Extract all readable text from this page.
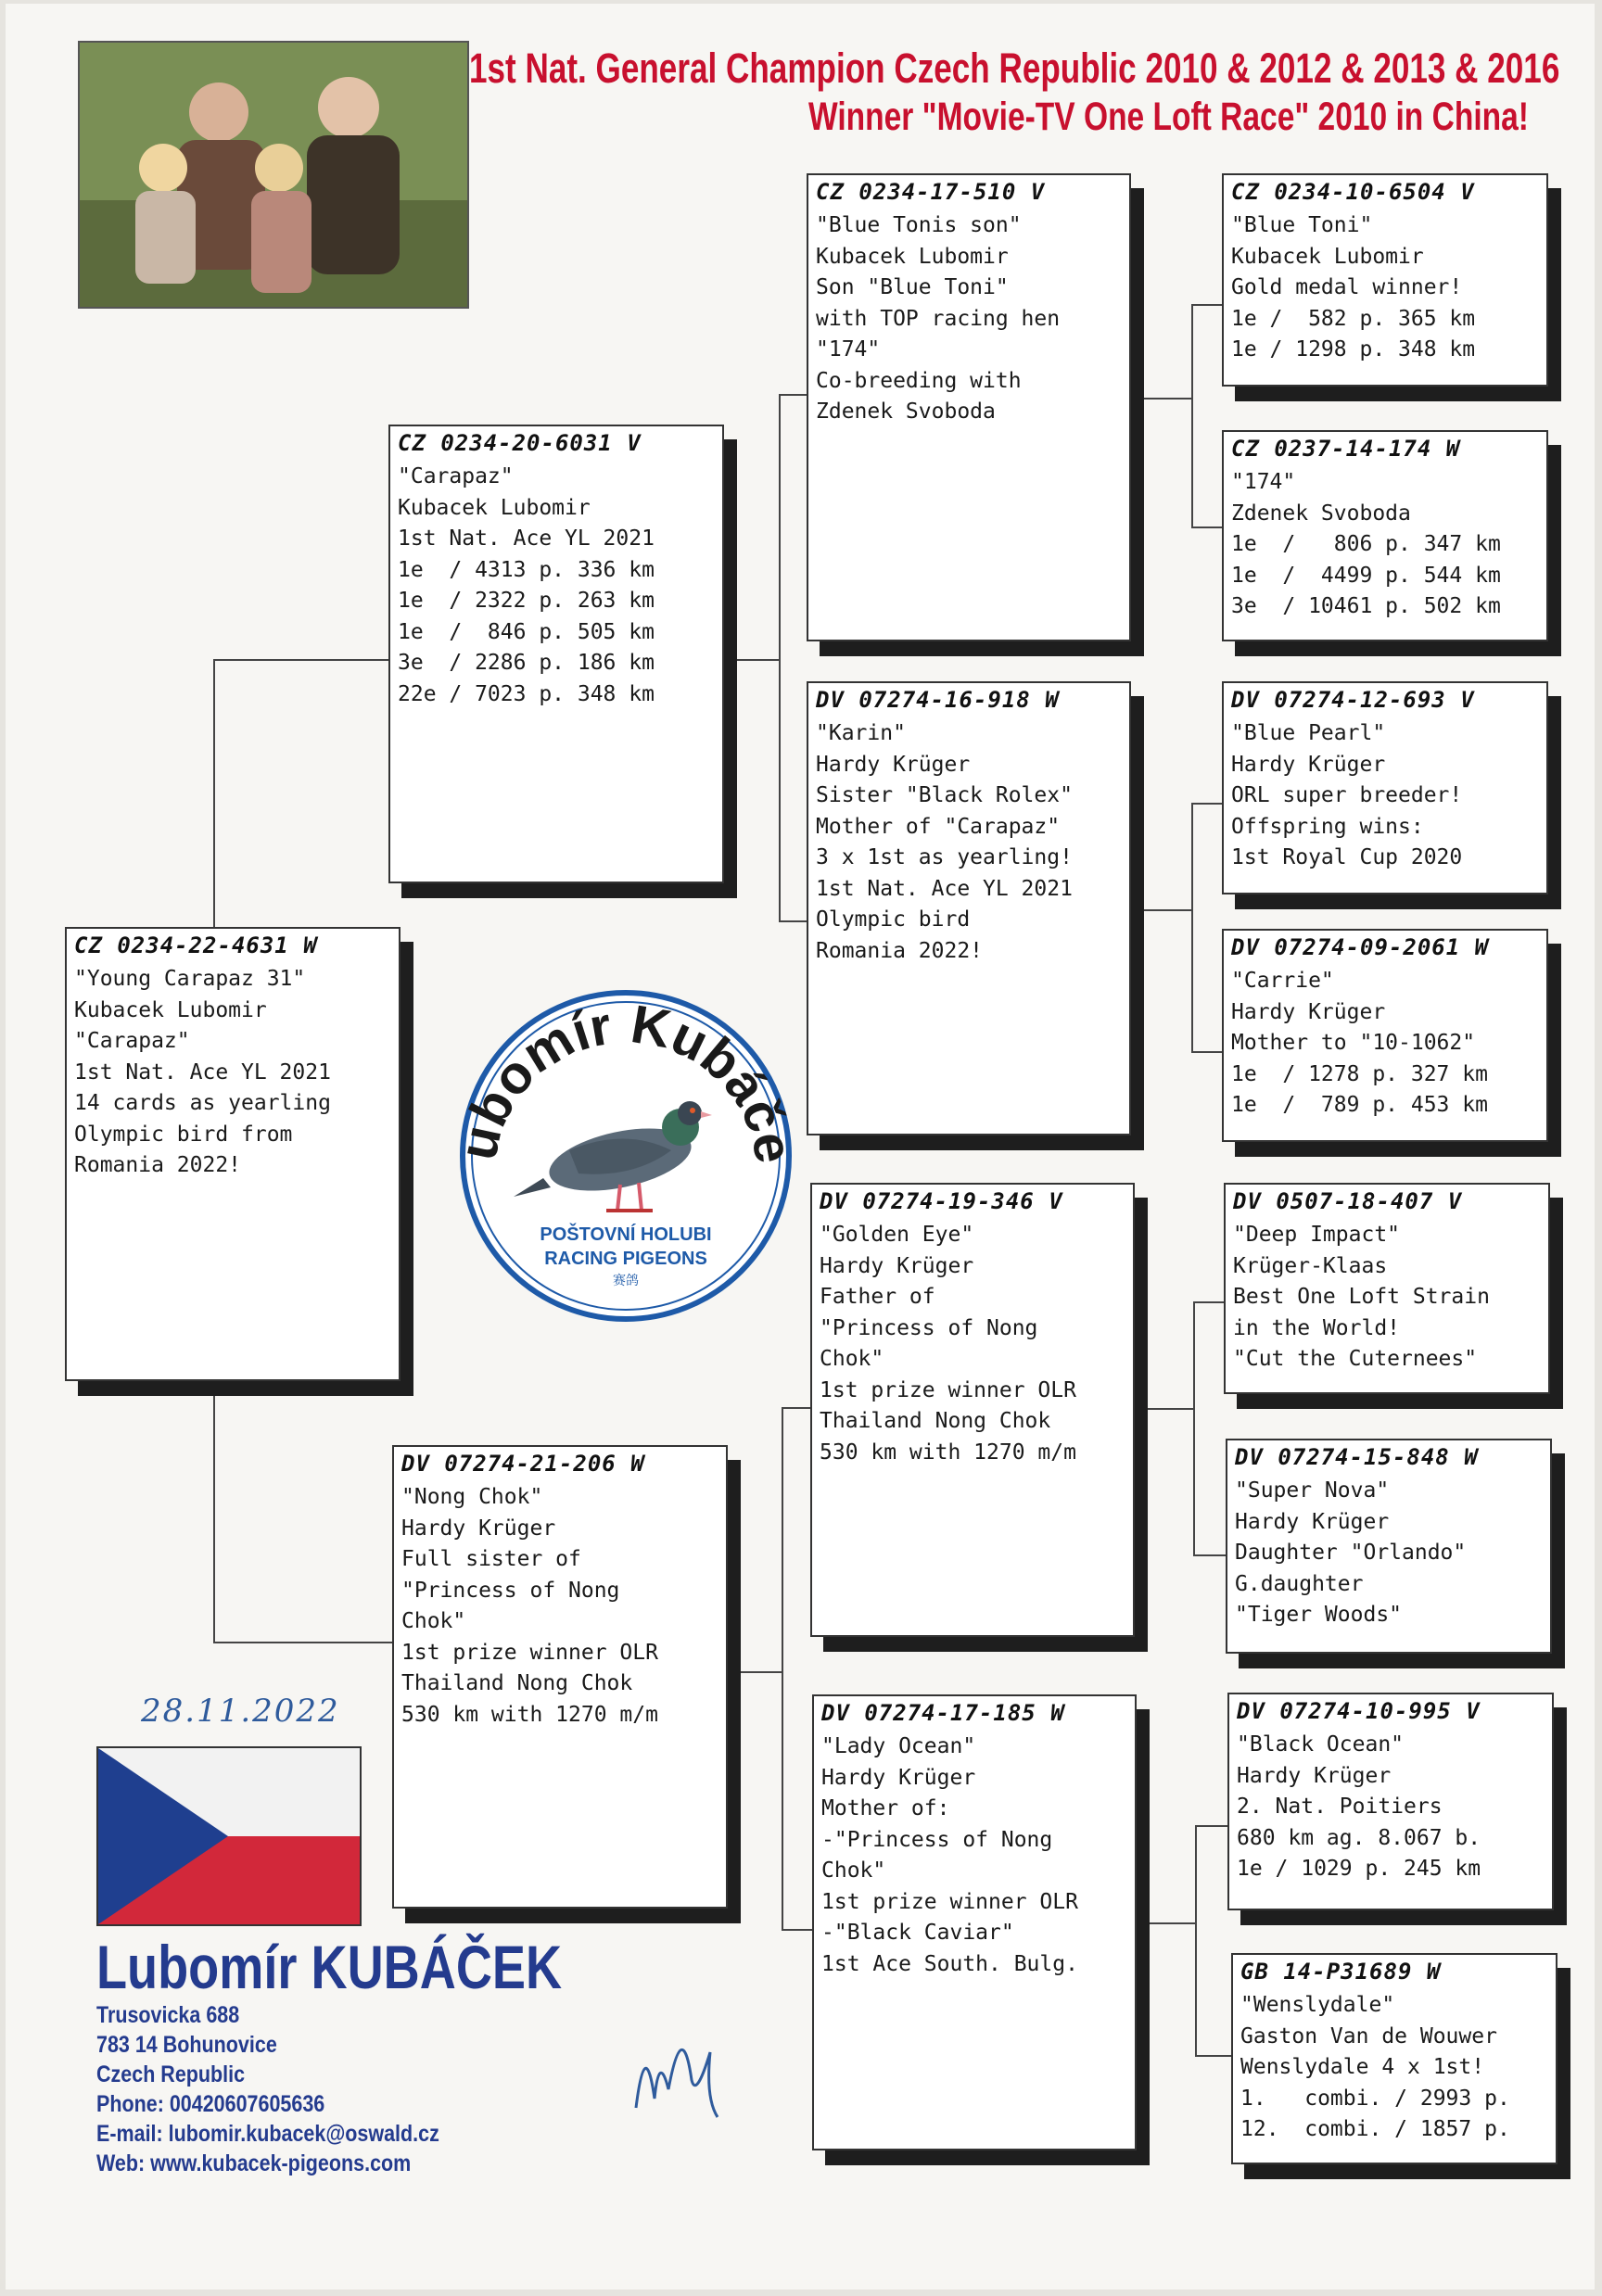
1st Nat. General Champion Czech Republic 2010 & 2012 & 2013 & 2016
Winner "Movie-TV One Loft Race" 2010 in China!
CZ 0234-22-4631 W
"Young Carapaz 31"
Kubacek Lubomir
"Carapaz"
1st Nat. Ace YL 2021
14 cards as yearling
Olympic bird from
Romania 2022!
CZ 0234-20-6031 V
"Carapaz"
Kubacek Lubomir
1st Nat. Ace YL 2021
1e  / 4313 p. 336 km
1e  / 2322 p. 263 km
1e  /  846 p. 505 km
3e  / 2286 p. 186 km
22e / 7023 p. 348 km
DV 07274-21-206 W
"Nong Chok"
Hardy Krüger
Full sister of
"Princess of Nong
Chok"
1st prize winner OLR
Thailand Nong Chok
530 km with 1270 m/m
CZ 0234-17-510 V
"Blue Tonis son"
Kubacek Lubomir
Son "Blue Toni"
with TOP racing hen
"174"
Co-breeding with
Zdenek Svoboda
DV 07274-16-918 W
"Karin"
Hardy Krüger
Sister "Black Rolex"
Mother of "Carapaz"
3 x 1st as yearling!
1st Nat. Ace YL 2021
Olympic bird
Romania 2022!
DV 07274-19-346 V
"Golden Eye"
Hardy Krüger
Father of
"Princess of Nong
Chok"
1st prize winner OLR
Thailand Nong Chok
530 km with 1270 m/m
DV 07274-17-185 W
"Lady Ocean"
Hardy Krüger
Mother of:
-"Princess of Nong
Chok"
1st prize winner OLR
-"Black Caviar"
1st Ace South. Bulg.
CZ 0234-10-6504 V
"Blue Toni"
Kubacek Lubomir
Gold medal winner!
1e /  582 p. 365 km
1e / 1298 p. 348 km
CZ 0237-14-174 W
"174"
Zdenek Svoboda
1e  /   806 p. 347 km
1e  /  4499 p. 544 km
3e  / 10461 p. 502 km
DV 07274-12-693 V
"Blue Pearl"
Hardy Krüger
ORL super breeder!
Offspring wins:
1st Royal Cup 2020
DV 07274-09-2061 W
"Carrie"
Hardy Krüger
Mother to "10-1062"
1e  / 1278 p. 327 km
1e  /  789 p. 453 km
DV 0507-18-407 V
"Deep Impact"
Krüger-Klaas
Best One Loft Strain
in the World!
"Cut the Cuternees"
DV 07274-15-848 W
"Super Nova"
Hardy Krüger
Daughter "Orlando"
G.daughter
"Tiger Woods"
DV 07274-10-995 V
"Black Ocean"
Hardy Krüger
2. Nat. Poitiers
680 km ag. 8.067 b.
1e / 1029 p. 245 km
GB 14-P31689 W
"Wenslydale"
Gaston Van de Wouwer
Wenslydale 4 x 1st!
1.   combi. / 2993 p.
12.  combi. / 1857 p.
bomír Kubáč
POŠTOVNÍ HOLUBI
RACING PIGEONS
赛鸽
28.11.2022
Lubomír KUBÁČEK
Trusovicka 688
783 14 Bohunovice
Czech Republic
Phone: 00420607605636
E-mail: lubomir.kubacek@oswald.cz
Web: www.kubacek-pigeons.com
